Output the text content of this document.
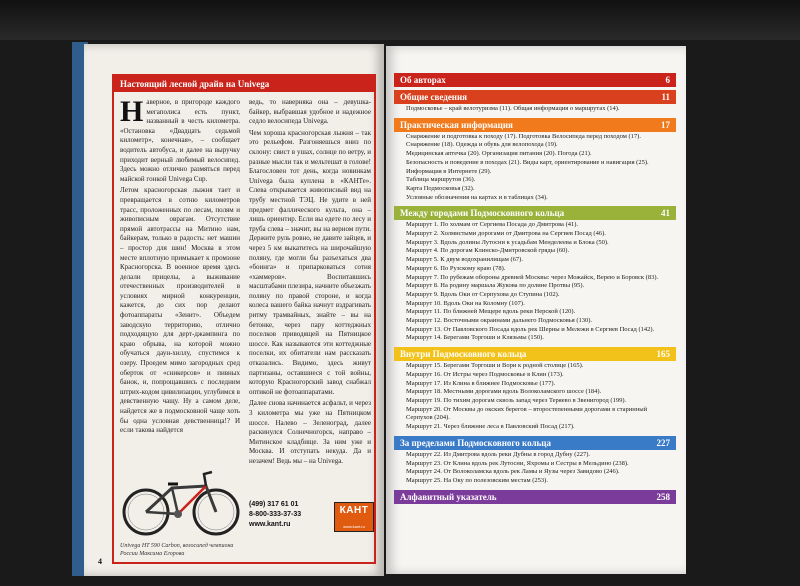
Настоящий лесной драйв на Univega
Н аверное, в пригороде каждого мегаполиса есть пункт, названный в честь километра. «Остановка «Двадцать седьмой километр», конечная», – сообщает водитель автобуса, и далее на выручку приходит верный любимый велосипед. Здесь можно отлично размяться перед майской гонкой Univega Cup.

Летом красногорская лыжня тает и превращается в сотню километров трасс, проложенных по лесам, полям и живописным оврагам. Отсутствие прямой автотрассы на Митино нам, байкерам, только в радость: нет машин – простор для шин! Москва в этом месте вплотную примыкает к промзоне Красногорска. В военное время здесь делали прицелы, а выживание отечественных производителей в условиях мирной конкуренции, кажется, до сих пор делают фотоаппараты «Зенит». Объедем заводскую территорию, отлично подходящую для дерт-джампинга по краю обрыва, на которой можно обучаться даун-хиллу, спустимся к озеру. Проедем мимо загородных сред оберток от «сникерсов» и пивных банок, и, попрощавшись с последним штрих-кодом цивилизации, углубимся в девственную чащу. Ну а самом деле, найдется же в подмосковной чаще хоть бы одна условная девственница!? И если такова найдется

ведь, то наверняка она – девушка-байкер, выбравшая удобное и надежное седло велосипеда Univega.

Чем хороша красногорская лыжня – так это рельефом. Разгоняешься вниз по склону: свист в ушах, солнце по ветру, и разные мысли так и мельтешат в голове! Благословен тот день, когда новинкам Univega была куплена в «КАНТе». Слева открывается живописный вид на трубу местной ТЭЦ. Не удите в ней предмет фаллического культа, она – лишь ориентир. Если вы едете по лесу и труба слева – значит, вы на верном пути. Держите руль ровно, не давите зайцев, и через 5 км выкатитесь на широчайшую поляну, где могли бы разъехаться два «боинга» и припарковаться сотня «хаммеров». Воспитавшись масштабами плезира, начните объезжать поляну по правой стороне, и когда колеса вашего байка начнут вздрагивать ритму трамвайных, знайте – вы на бетонке, через пару коттеджных поселков приводящей на Пятницкое шоссе. Как называются эти коттеджные поселки, их обитатели нам рассказать отказались. Видимо, здесь живут партизаны, оставшиеся с той войны, которую Красногорский завод снабжал оптикой не фотоаппаратами.

Далее снова начинается асфальт, и через 3 километра мы уже на Пятницком шоссе. Налево – Зеленоград, далее раскинулся Солнечногорск, направо – Митинское кладбище. За ним уже и Москва. И отступать некуда. Да и незачем! Ведь мы – на Univega.

Univega HT 590 Carbon, велосипед чемпиона России Максима Егорова
(499) 317 61 01
8-800-333-37-33
www.kant.ru
КАНТ
www.kant.ru
4
Об авторах	6
Общие сведения	11
Подмосковье – край велотуризма (11). Общая информация о маршрутах (14).
Практическая информация	17
Снаряжение и подготовка к походу (17). Подготовка Велосипеда перед походом (17). Снаряжение (18). Одежда и обувь для велопохода (19).
Медицинская аптечка (20). Организация питания (20). Погода (21).
Безопасность и поведение в походах (21). Виды карт, ориентирование и навигация (25). Информация в Интернете (29).
Таблица маршрутов (36).
Карта Подмосковья (32).
Условные обозначения на картах и в таблицах (34).
Между городами Подмосковного кольца	41
Маршрут 1. По холмам от Сергиева Посада до Дмитрова (41).
Маршрут 2. Холмистыми дорогами от Дмитрова на Сергиев Посад (46).
Маршрут 3. Вдоль долины Лутосни к усадьбам Менделеева и Блока (50).
Маршрут 4. По дорогам Клинско-Дмитровской гряды (60).
Маршрут 5. К двум водохранилищам (67).
Маршрут 6. По Рузскому краю (78).
Маршрут 7. По рубежам обороны древней Москвы: через Можайск, Верею и Боровск (83).
Маршрут 8. На родину маршала Жукова по долине Протвы (95).
Маршрут 9. Вдоль Оки от Серпухова до Ступина (102).
Маршрут 10. Вдоль Оки на Коломну (107).
Маршрут 11. По ближней Мещере вдоль реки Нерской (120).
Маршрут 12. Восточными окраинами дальнего Подмосковья (130).
Маршрут 13. От Павловского Посада вдоль рек Шерны и Мележи в Сергиев Посад (142).
Маршрут 14. Берегами Торгоши и Клязьмы (150).
Внутри Подмосковного кольца	165
Маршрут 15. Берегами Торгоши и Вори к родной столице (165).
Маршрут 16. От Истры через Подмосковье в Клин (173).
Маршрут 17. Из Клина в ближнее Подмосковье (177).
Маршрут 18. Местными дорогами вдоль Волоколамского шоссе (184).
Маршрут 19. По тихим дорогам сквозь запад через Теряево в Звенигород (199).
Маршрут 20. От Москвы до окских берегов – второстепенными дорогами в старинный Серпухов (204).
Маршрут 21. Через ближние леса в Павловский Посад (217).
За пределами Подмосковного кольца	227
Маршрут 22. Из Дмитрова вдоль реки Дубны в город Дубну (227).
Маршрут 23. От Клина вдоль рек Лутосни, Яхромы и Сестры в Мельдино (238).
Маршрут 24. От Волоколамска вдоль рек Ламы и Яузы через Завидово (246).
Маршрут 25. На Оку по полезовским местам (253).
Алфавитный указатель	258
